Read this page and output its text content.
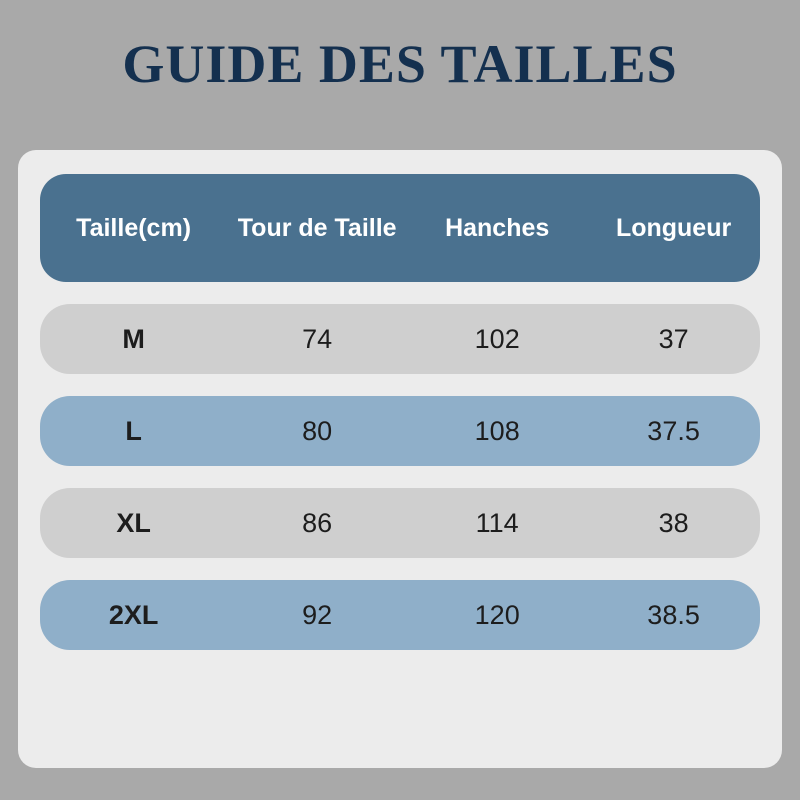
GUIDE DES TAILLES
Taille(cm)	Tour de Taille	Hanches	Longueur
M	74	102	37
L	80	108	37.5
XL	86	114	38
2XL	92	120	38.5
